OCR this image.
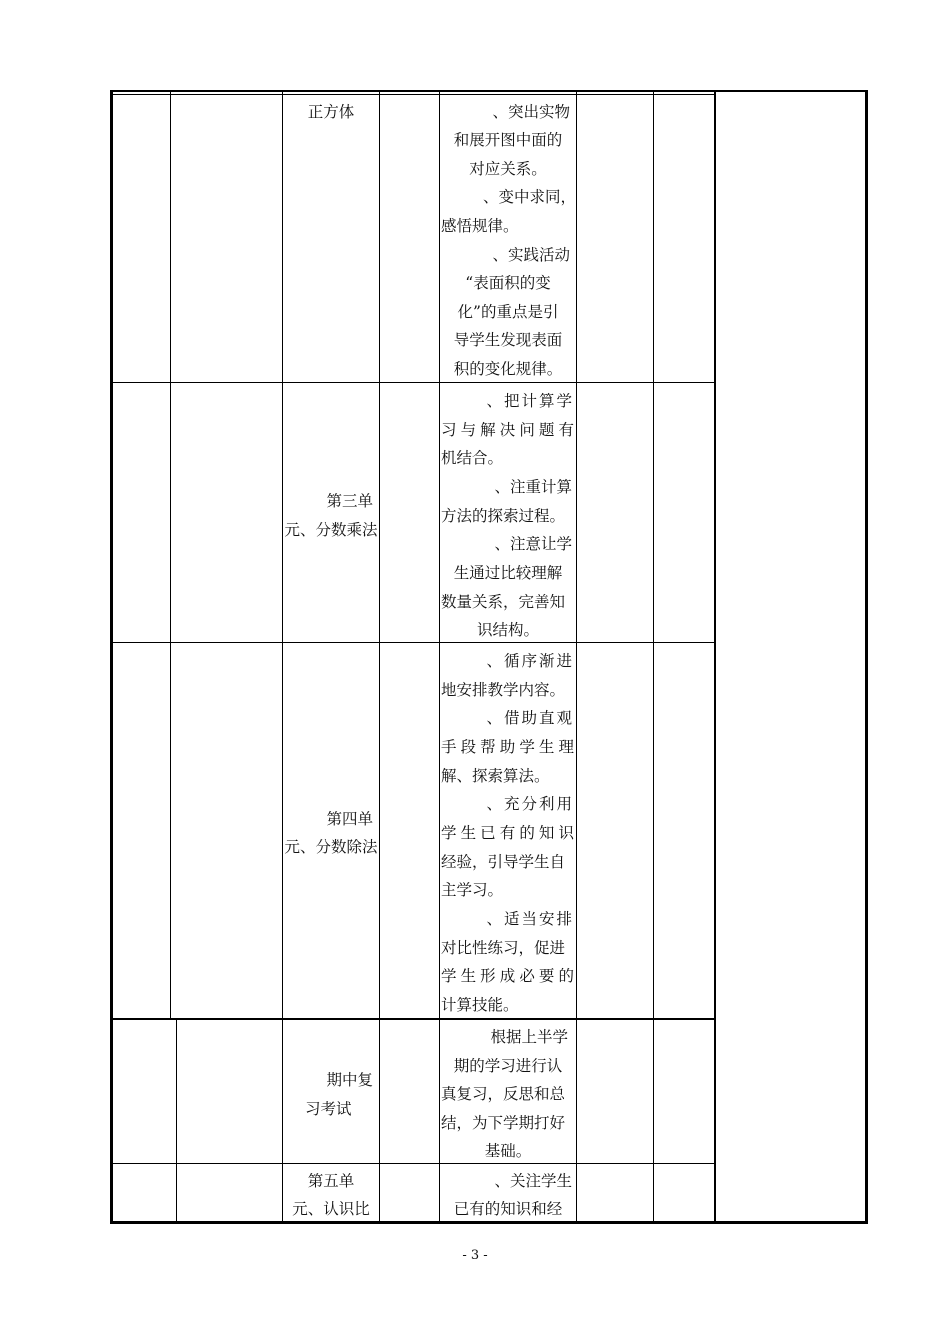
正方体	、突出实物
和展开图中面的
对应关系。
、变中求同，
感悟规律。
、实践活动
“表面积的变
化”的重点是引
导学生发现表面
积的变化规律。
第三单
元、分数乘法
、把计算学
习与解决问题有
机结合。
、注重计算
方法的探索过程。
、注意让学
生通过比较理解
数量关系，完善知
识结构。
第四单
元、分数除法
、循序渐进
地安排教学内容。
、借助直观
手段帮助学生理
解、探索算法。
、充分利用
学生已有的知识
经验，引导学生自
主学习。
、适当安排
对比性练习，促进
学生形成必要的
计算技能。
期中复
习考试
根据上半学
期的学习进行认
真复习，反思和总
结，为下学期打好
基础。
第五单
元、认识比
、关注学生
已有的知识和经
- 3 -
